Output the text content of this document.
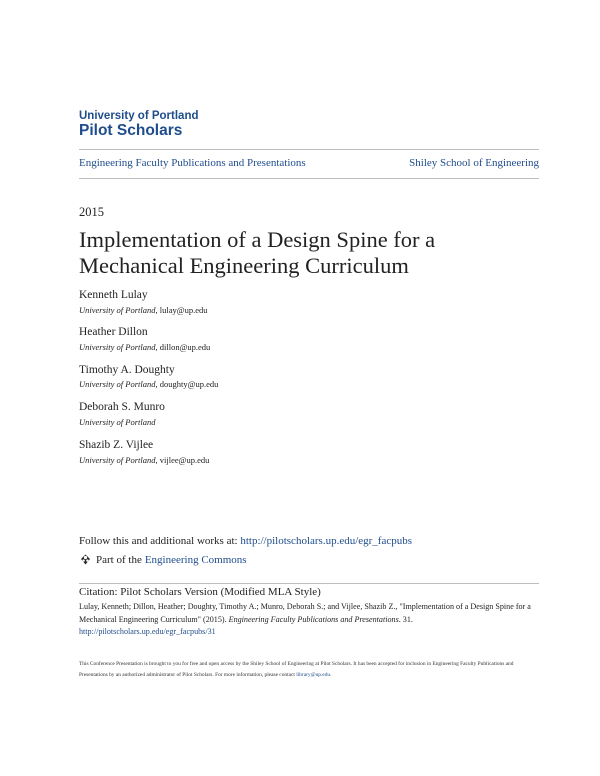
University of Portland
Pilot Scholars
Engineering Faculty Publications and Presentations	Shiley School of Engineering
2015
Implementation of a Design Spine for a Mechanical Engineering Curriculum
Kenneth Lulay
University of Portland, lulay@up.edu
Heather Dillon
University of Portland, dillon@up.edu
Timothy A. Doughty
University of Portland, doughty@up.edu
Deborah S. Munro
University of Portland
Shazib Z. Vijlee
University of Portland, vijlee@up.edu
Follow this and additional works at: http://pilotscholars.up.edu/egr_facpubs
Part of the Engineering Commons
Citation: Pilot Scholars Version (Modified MLA Style)
Lulay, Kenneth; Dillon, Heather; Doughty, Timothy A.; Munro, Deborah S.; and Vijlee, Shazib Z., "Implementation of a Design Spine for a Mechanical Engineering Curriculum" (2015). Engineering Faculty Publications and Presentations. 31.
http://pilotscholars.up.edu/egr_facpubs/31
This Conference Presentation is brought to you for free and open access by the Shiley School of Engineering at Pilot Scholars. It has been accepted for inclusion in Engineering Faculty Publications and Presentations by an authorized administrator of Pilot Scholars. For more information, please contact library@up.edu.
